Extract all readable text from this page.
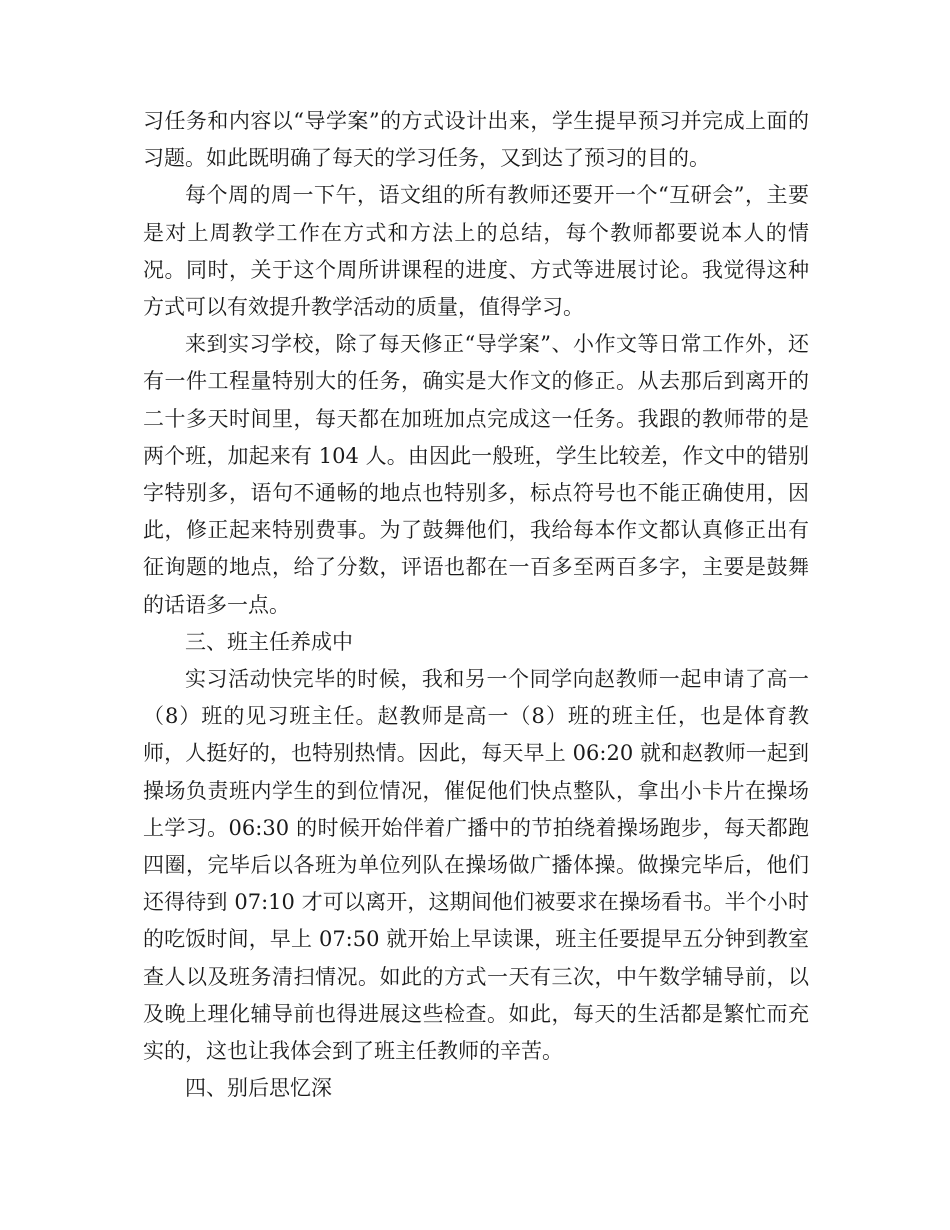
习任务和内容以“导学案”的方式设计出来，学生提早预习并完成上面的习题。如此既明确了每天的学习任务，又到达了预习的目的。

每个周的周一下午，语文组的所有教师还要开一个“互研会”，主要是对上周教学工作在方式和方法上的总结，每个教师都要说本人的情况。同时，关于这个周所讲课程的进度、方式等进展讨论。我觉得这种方式可以有效提升教学活动的质量，值得学习。

来到实习学校，除了每天修正“导学案”、小作文等日常工作外，还有一件工程量特别大的任务，确实是大作文的修正。从去那后到离开的二十多天时间里，每天都在加班加点完成这一任务。我跟的教师带的是两个班，加起来有 104 人。由因此一般班，学生比较差，作文中的错别字特别多，语句不通畅的地点也特别多，标点符号也不能正确使用，因此，修正起来特别费事。为了鼓舞他们，我给每本作文都认真修正出有征询题的地点，给了分数，评语也都在一百多至两百多字，主要是鼓舞的话语多一点。

三、班主任养成中

实习活动快完毕的时候，我和另一个同学向赵教师一起申请了高一（8）班的见习班主任。赵教师是高一（8）班的班主任，也是体育教师，人挺好的，也特别热情。因此，每天早上 06:20 就和赵教师一起到操场负责班内学生的到位情况，催促他们快点整队，拿出小卡片在操场上学习。06:30 的时候开始伴着广播中的节拍绕着操场跑步，每天都跑四圈，完毕后以各班为单位列队在操场做广播体操。做操完毕后，他们还得待到 07:10 才可以离开，这期间他们被要求在操场看书。半个小时的吃饭时间，早上 07:50 就开始上早读课，班主任要提早五分钟到教室查人以及班务清扫情况。如此的方式一天有三次，中午数学辅导前，以及晚上理化辅导前也得进展这些检查。如此，每天的生活都是繁忙而充实的，这也让我体会到了班主任教师的辛苦。

四、别后思忆深
